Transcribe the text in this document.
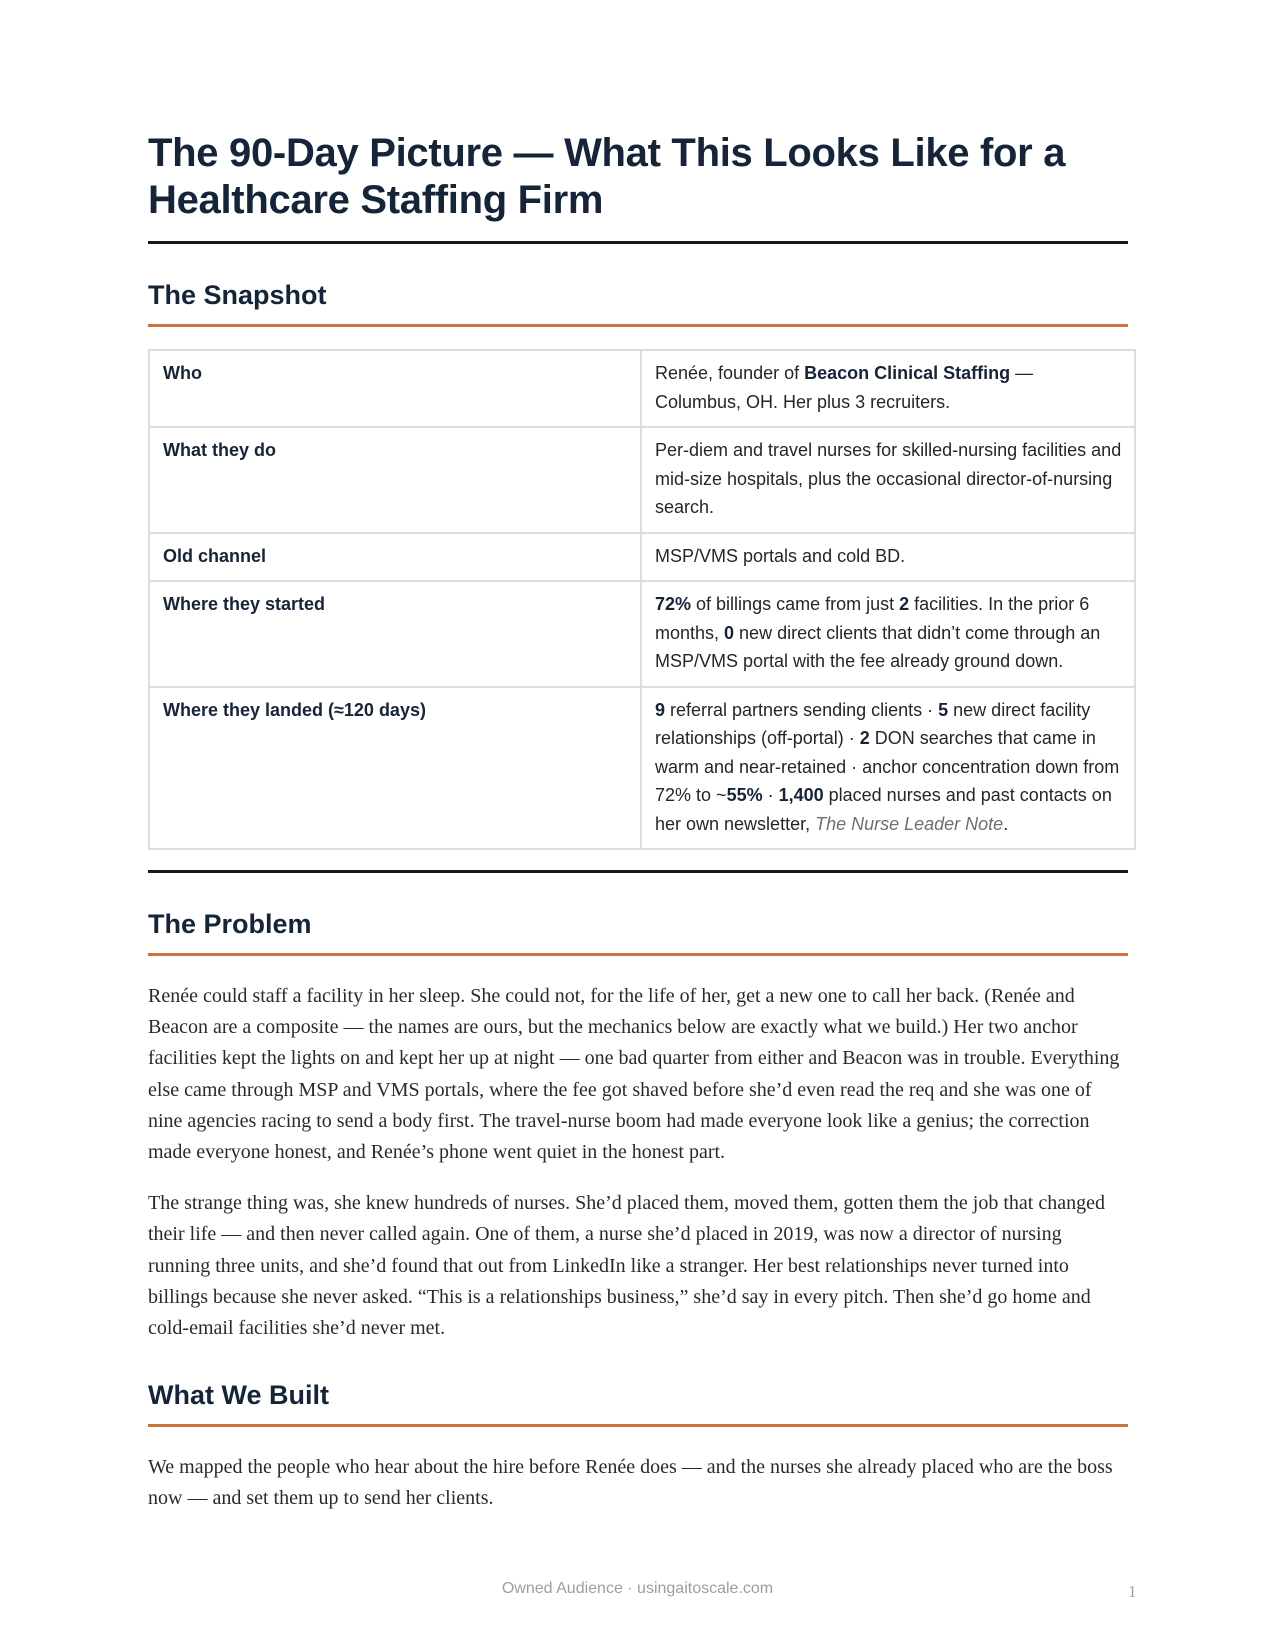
The 90-Day Picture — What This Looks Like for a Healthcare Staffing Firm
The Snapshot
Who	Renée, founder of Beacon Clinical Staffing — Columbus, OH. Her plus 3 recruiters.
What they do	Per-diem and travel nurses for skilled-nursing facilities and mid-size hospitals, plus the occasional director-of-nursing search.
Old channel	MSP/VMS portals and cold BD.
Where they started	72% of billings came from just 2 facilities. In the prior 6 months, 0 new direct clients that didn’t come through an MSP/VMS portal with the fee already ground down.
Where they landed (≈120 days)	9 referral partners sending clients · 5 new direct facility relationships (off-portal) · 2 DON searches that came in warm and near-retained · anchor concentration down from 72% to ~55% · 1,400 placed nurses and past contacts on her own newsletter, The Nurse Leader Note.
The Problem

Renée could staff a facility in her sleep. She could not, for the life of her, get a new one to call her back. (Renée and Beacon are a composite — the names are ours, but the mechanics below are exactly what we build.) Her two anchor facilities kept the lights on and kept her up at night — one bad quarter from either and Beacon was in trouble. Everything else came through MSP and VMS portals, where the fee got shaved before she’d even read the req and she was one of nine agencies racing to send a body first. The travel-nurse boom had made everyone look like a genius; the correction made everyone honest, and Renée’s phone went quiet in the honest part.

The strange thing was, she knew hundreds of nurses. She’d placed them, moved them, gotten them the job that changed their life — and then never called again. One of them, a nurse she’d placed in 2019, was now a director of nursing running three units, and she’d found that out from LinkedIn like a stranger. Her best relationships never turned into billings because she never asked. “This is a relationships business,” she’d say in every pitch. Then she’d go home and cold-email facilities she’d never met.

What We Built

We mapped the people who hear about the hire before Renée does — and the nurses she already placed who are the boss now — and set them up to send her clients.

Owned Audience · usingaitoscale.com	1
